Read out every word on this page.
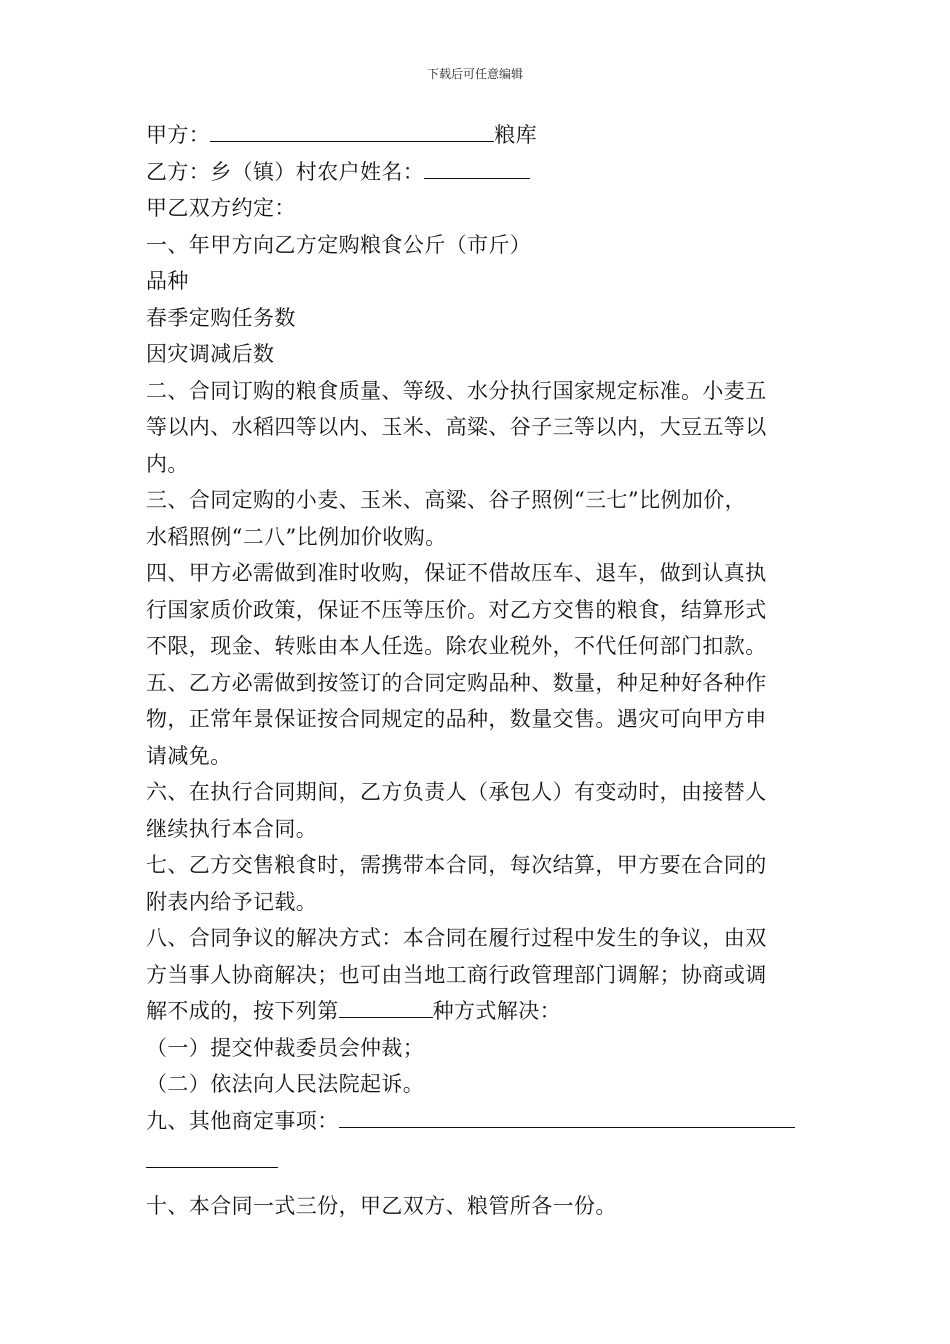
下载后可任意编辑
甲方：	粮库
乙方：乡（镇）村农户姓名：
甲乙双方约定：
一、年甲方向乙方定购粮食公斤（市斤）
品种
春季定购任务数
因灾调减后数
二、合同订购的粮食质量、等级、水分执行国家规定标准。小麦五
等以内、水稻四等以内、玉米、高粱、谷子三等以内，大豆五等以
内。
三、合同定购的小麦、玉米、高粱、谷子照例“三七”比例加价，
水稻照例“二八”比例加价收购。
四、甲方必需做到准时收购，保证不借故压车、退车，做到认真执
行国家质价政策，保证不压等压价。对乙方交售的粮食，结算形式
不限，现金、转账由本人任选。除农业税外，不代任何部门扣款。
五、乙方必需做到按签订的合同定购品种、数量，种足种好各种作
物，正常年景保证按合同规定的品种，数量交售。遇灾可向甲方申
请减免。
六、在执行合同期间，乙方负责人（承包人）有变动时，由接替人
继续执行本合同。
七、乙方交售粮食时，需携带本合同，每次结算，甲方要在合同的
附表内给予记载。
八、合同争议的解决方式：本合同在履行过程中发生的争议，由双
方当事人协商解决；也可由当地工商行政管理部门调解；协商或调
解不成的，按下列第	种方式解决：
（一）提交仲裁委员会仲裁；
（二）依法向人民法院起诉。
九、其他商定事项：
十、本合同一式三份，甲乙双方、粮管所各一份。
